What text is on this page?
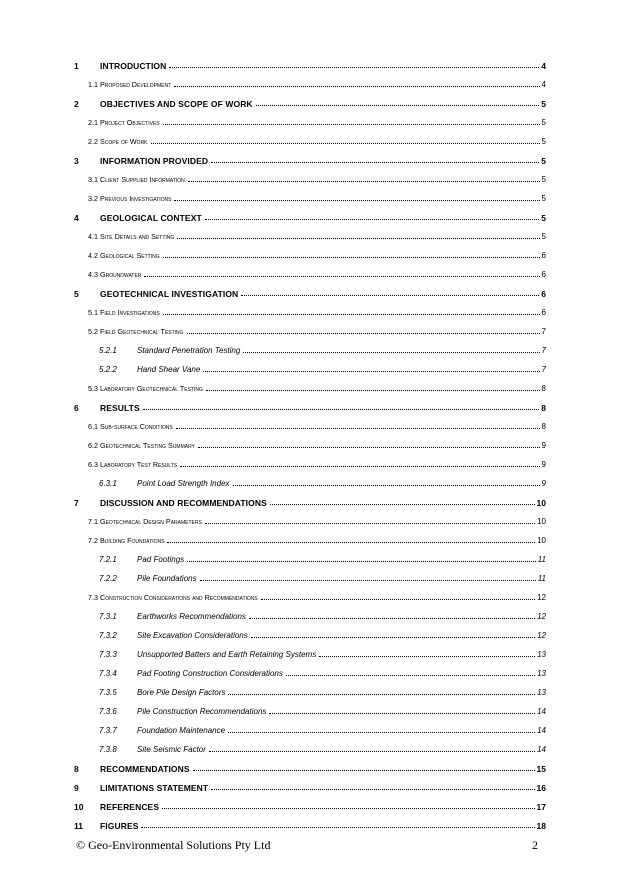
1	INTRODUCTION	4
1.1 Proposed Development	4
2	OBJECTIVES AND SCOPE OF WORK	5
2.1 Project Objectives	5
2.2 Scope of Work	5
3	INFORMATION PROVIDED	5
3.1 Client Supplied Information	5
3.2 Previous Investigations	5
4	GEOLOGICAL CONTEXT	5
4.1 Site Details and Setting	5
4.2 Geological Setting	6
4.3 Groundwater	6
5	GEOTECHNICAL INVESTIGATION	6
5.1 Field Investigations	6
5.2 Field Geotechnical Testing	7
5.2.1	Standard Penetration Testing	7
5.2.2	Hand Shear Vane	7
5.3 Laboratory Geotechnical Testing	8
6	RESULTS	8
6.1 Sub-surface Conditions	8
6.2 Geotechnical Testing Summary	9
6.3 Laboratory Test Results	9
6.3.1	Point Load Strength Index	9
7	DISCUSSION AND RECOMMENDATIONS	10
7.1 Geotechnical Design Parameters	10
7.2 Building Foundations	10
7.2.1	Pad Footings	11
7.2.2	Pile Foundations	11
7.3 Construction Considerations and Recommendations	12
7.3.1	Earthworks Recommendations	12
7.3.2	Site Excavation Considerations	12
7.3.3	Unsupported Batters and Earth Retaining Systems	13
7.3.4	Pad Footing Construction Considerations	13
7.3.5	Bore Pile Design Factors	13
7.3.6	Pile Construction Recommendations	14
7.3.7	Foundation Maintenance	14
7.3.8	Site Seismic Factor	14
8	RECOMMENDATIONS	15
9	LIMITATIONS STATEMENT	16
10	REFERENCES	17
11	FIGURES	18
© Geo-Environmental Solutions Pty Ltd	2
